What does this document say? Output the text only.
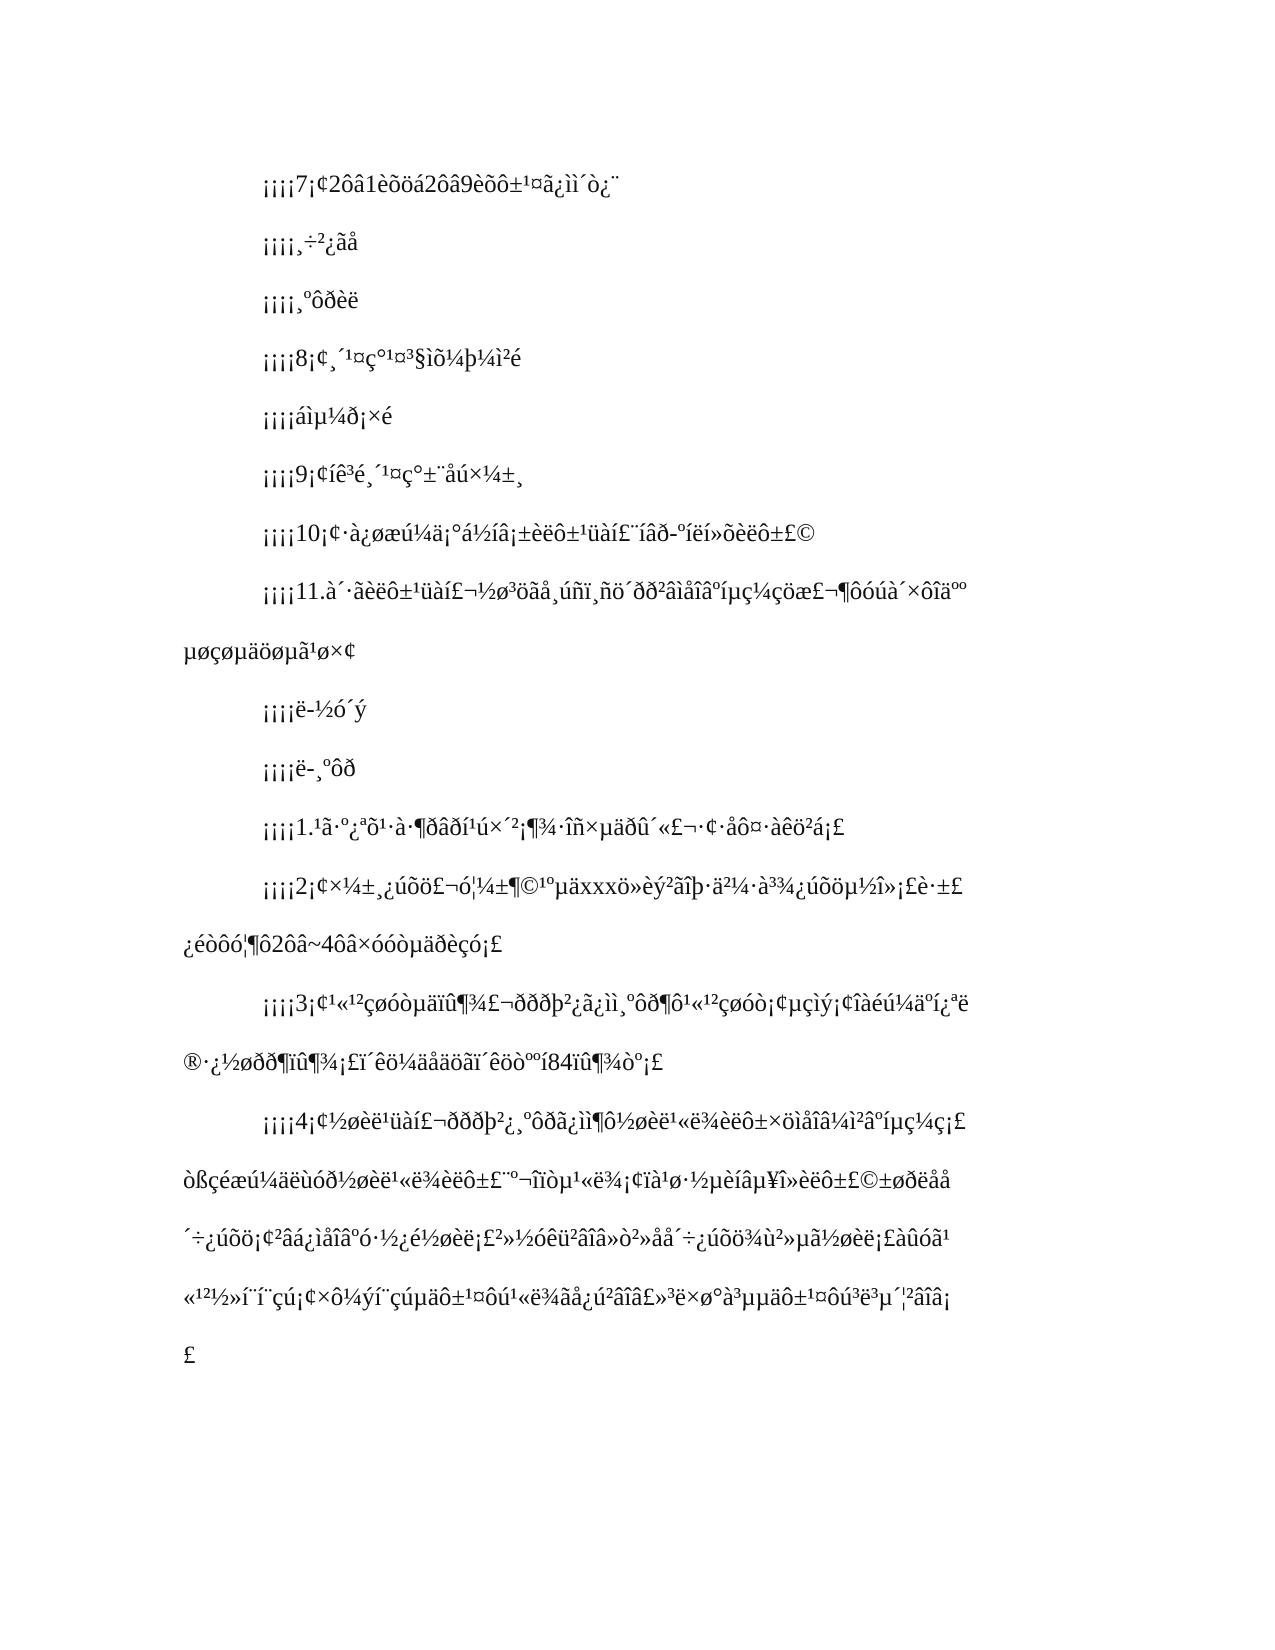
¡¡¡¡7¡¢2ôâ1èõöá2ôâ9èõô±¹¤ã¿ìì´ò¿¨
¡¡¡¡¸÷²¿ãå
¡¡¡¡¸ºôðèë
¡¡¡¡8¡¢¸´¹¤ç°¹¤³§ìõ¼þ¼ì²é
¡¡¡¡áìµ¼ð¡×é
¡¡¡¡9¡¢íê³é¸´¹¤ç°±¨åú×¼±¸
¡¡¡¡10¡¢·à¿øæú¼ä¡°á½íâ¡±èëô±¹üàí£¨íâð-ºíëí»õèëô±£©
¡¡¡¡11.à´·ãèëô±¹üàí£¬½ø³öãå¸úñï¸ñö´ðð²âìåîâºíµç¼çöæ£¬¶ôóúà´×ôîäºº
µøçøµäöøµã¹ø×¢
¡¡¡¡ë-½ó´ý
¡¡¡¡ë-¸ºôð
¡¡¡¡1.¹ã·º¿ªõ¹·à·¶ðâðí¹ú×´²¡¶¾·îñ×µäðû´«£¬·¢·åô¤·àêö²á¡£
¡¡¡¡2¡¢×¼±¸¿úõö£¬ó¦¼±¶©¹ºµäxxxö»èý²ãîþ·ä²¼·à³¾¿úõöµ½î»¡£è·±£
¿éòôó¦¶ô2ôâ~4ôâ×óóòµäðèçó¡£
¡¡¡¡3¡¢¹«¹²çøóòµäïû¶¾£¬ðððþ²¿ã¿ìì¸ºôð¶ô¹«¹²çøóò¡¢µçìý¡¢îàéú¼äºí¿ªë
®·¿½øðð¶ïû¶¾¡£ï´êö¼äåäöãï´êöòººí84ïû¶¾òº¡£
¡¡¡¡4¡¢½øèë¹üàí£¬ðððþ²¿¸ºôðã¿ìì¶ô½øèë¹«ë¾èëô±×öìåîâ¼ì²âºíµç¼ç¡£
òßçéæú¼äëùóð½øèë¹«ë¾èëô±£¨º¬îïòµ¹«ë¾¡¢ïà¹ø·½µèíâµ¥î»èëô±£©±øðëåå
´÷¿úõö¡¢²âá¿ìåîâºó·½¿é½øèë¡£²»½óêü²âîâ»ò²»åå´÷¿úõö¾ù²»µã½øèë¡£àûóã¹
«¹²½»í¨í¨çú¡¢×ô¼ýí¨çúµäô±¹¤ôú¹«ë¾ãå¿ú²âîâ£»³ë×ø°à³µµäô±¹¤ôú³ë³µ´¦²âîâ¡
£
